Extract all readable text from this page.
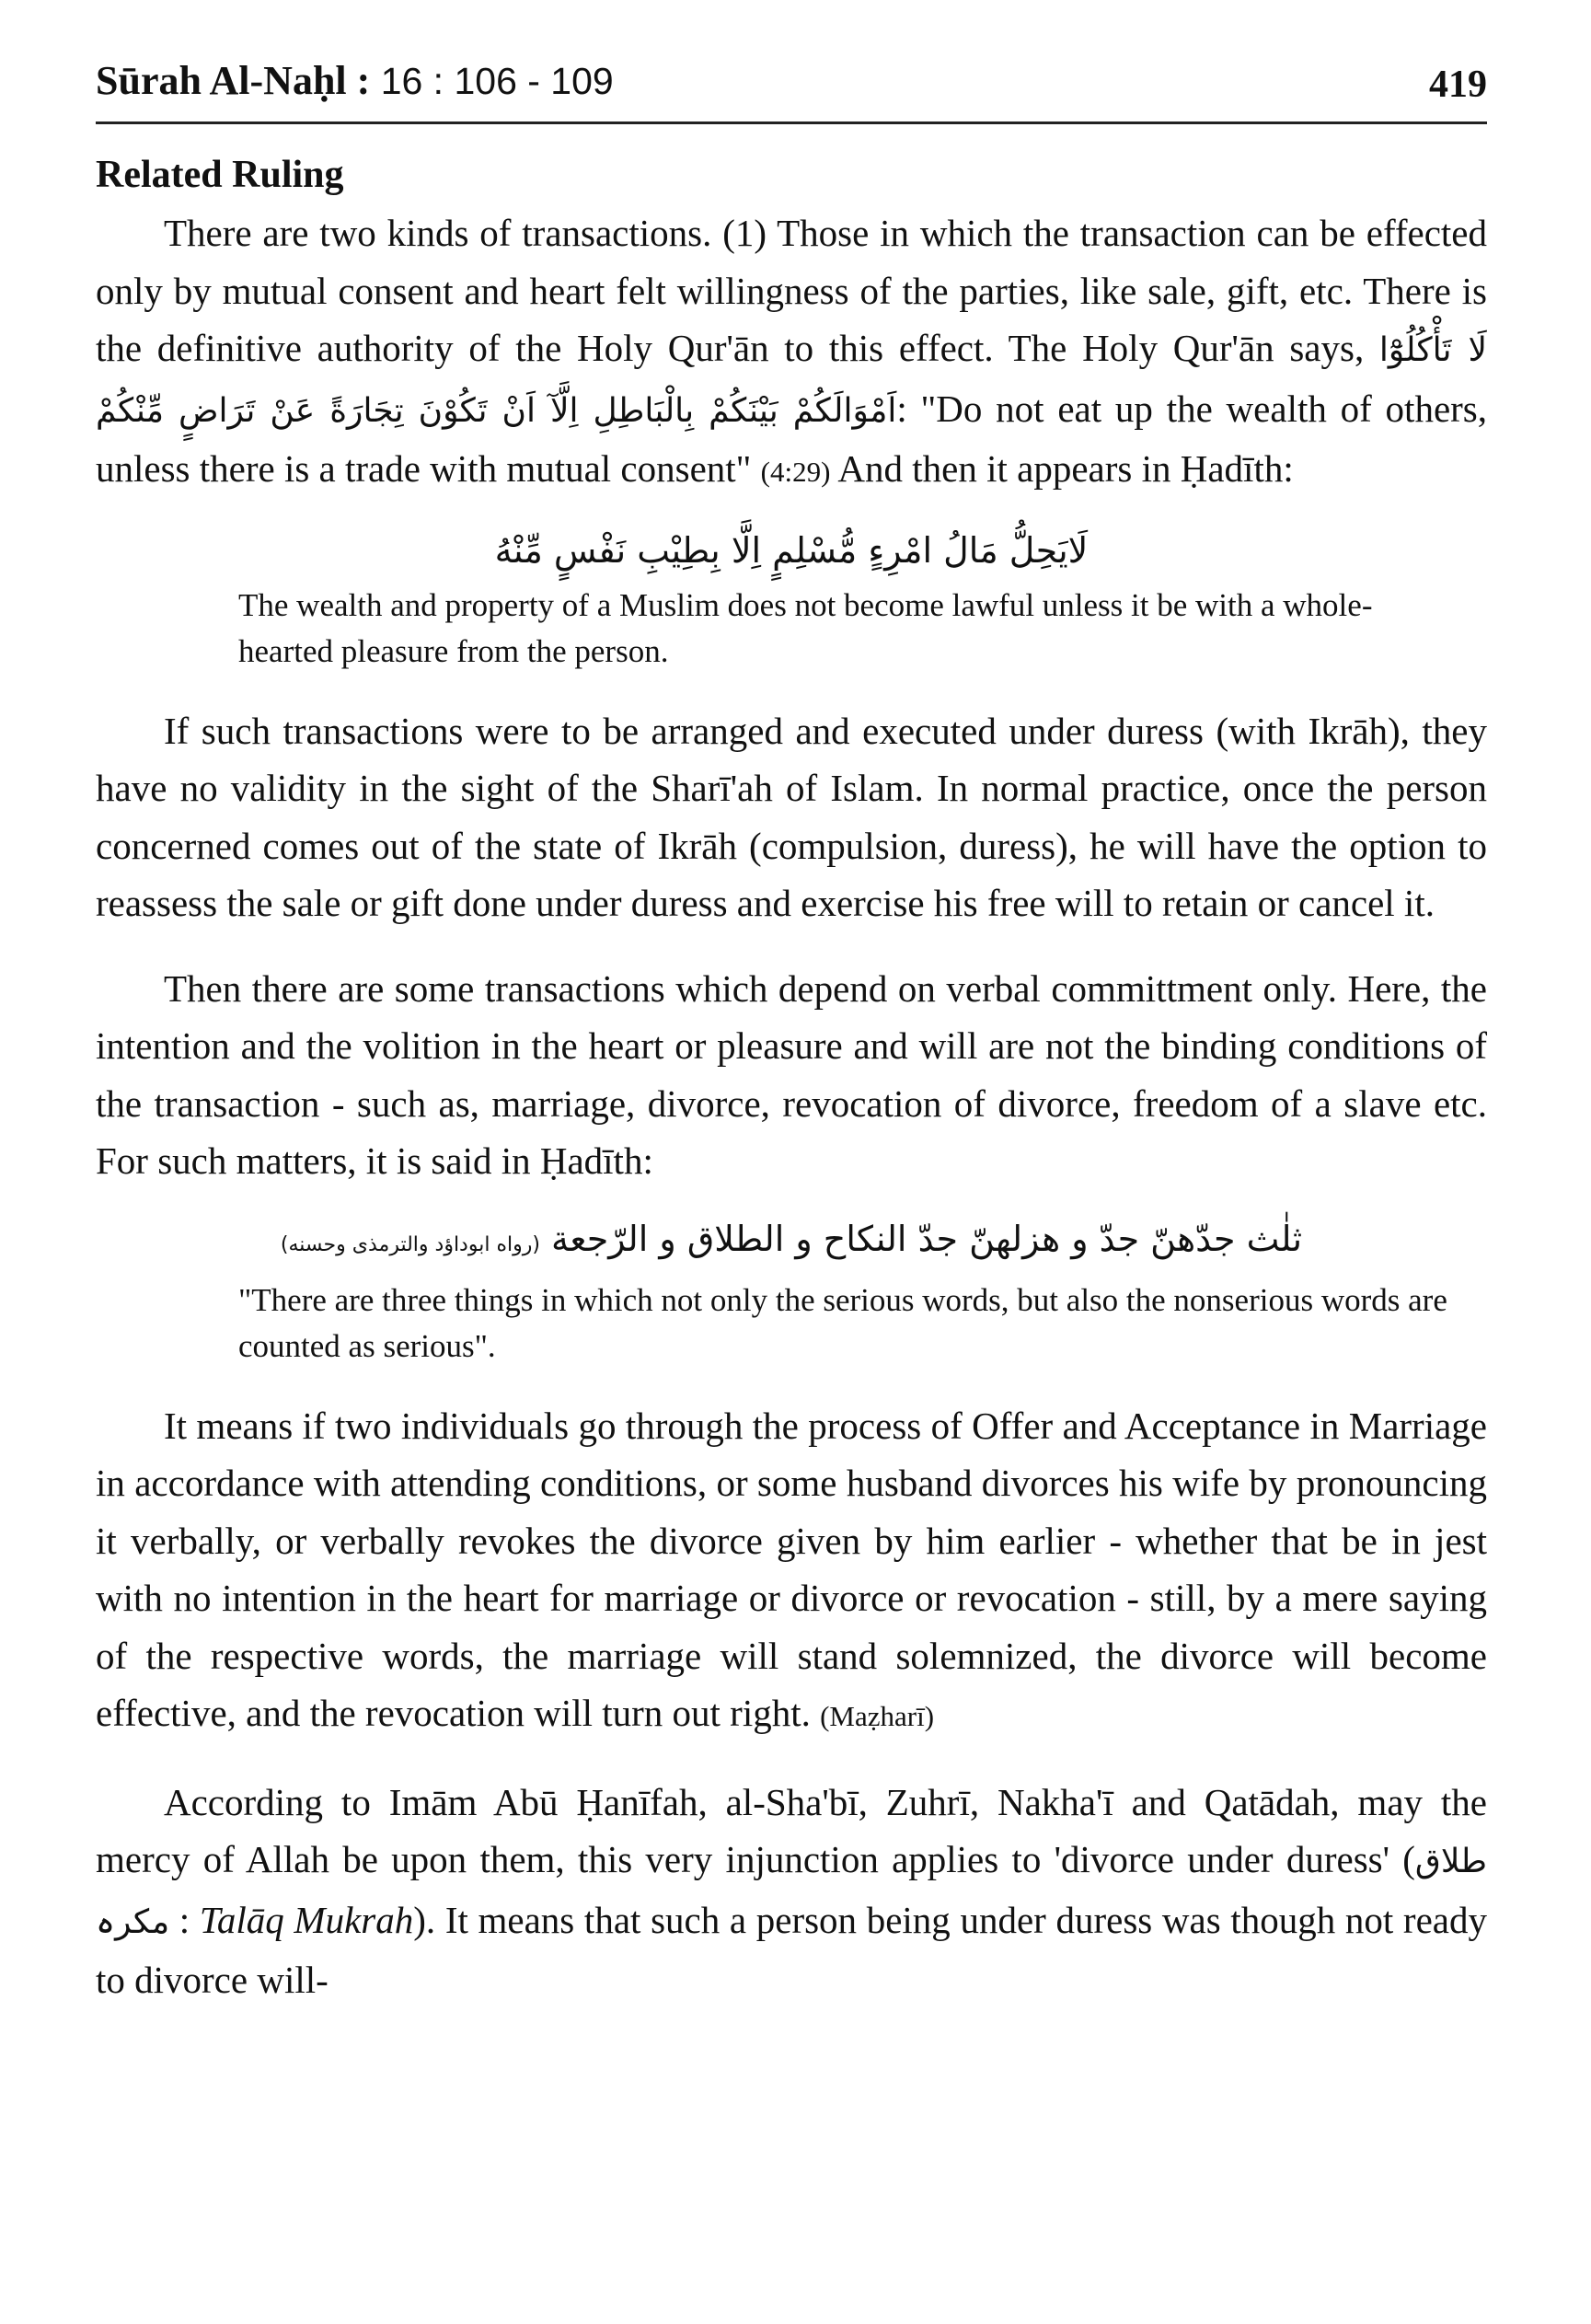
Sūrah Al-Naḥl : 16 : 106 - 109	419
Related Ruling

There are two kinds of transactions. (1) Those in which the transaction can be effected only by mutual consent and heart felt willingness of the parties, like sale, gift, etc. There is the definitive authority of the Holy Qur'ān to this effect. The Holy Qur'ān says, لَا تَأْكُلُوْٓا اَمْوَالَكُمْ بَيْنَكُمْ بِالْبَاطِلِ اِلَّآ اَنْ تَكُوْنَ تِجَارَةً عَنْ تَرَاضٍ مِّنْكُمْ: "Do not eat up the wealth of others, unless there is a trade with mutual consent" (4:29) And then it appears in Ḥadīth:

لَايَحِلُّ مَالُ امْرِءٍ مُّسْلِمٍ اِلَّا بِطِيْبِ نَفْسٍ مِّنْهُ

The wealth and property of a Muslim does not become lawful unless it be with a whole-hearted pleasure from the person.

If such transactions were to be arranged and executed under duress (with Ikrāh), they have no validity in the sight of the Sharī'ah of Islam. In normal practice, once the person concerned comes out of the state of Ikrāh (compulsion, duress), he will have the option to reassess the sale or gift done under duress and exercise his free will to retain or cancel it.

Then there are some transactions which depend on verbal committment only. Here, the intention and the volition in the heart or pleasure and will are not the binding conditions of the transaction - such as, marriage, divorce, revocation of divorce, freedom of a slave etc. For such matters, it is said in Ḥadīth:

ثلٰث جدّهنّ جدّ و هزلهنّ جدّ النكاح و الطلاق و الرّجعة (رواه ابوداؤد والترمذی وحسنه)

"There are three things in which not only the serious words, but also the nonserious words are counted as serious".

It means if two individuals go through the process of Offer and Acceptance in Marriage in accordance with attending conditions, or some husband divorces his wife by pronouncing it verbally, or verbally revokes the divorce given by him earlier - whether that be in jest with no intention in the heart for marriage or divorce or revocation - still, by a mere saying of the respective words, the marriage will stand solemnized, the divorce will become effective, and the revocation will turn out right. (Maẓharī)

According to Imām Abū Ḥanīfah, al-Sha'bī, Zuhrī, Nakha'ī and Qatādah, may the mercy of Allah be upon them, this very injunction applies to 'divorce under duress' (طلاق مکرہ : Talāq Mukrah). It means that such a person being under duress was though not ready to divorce will-
